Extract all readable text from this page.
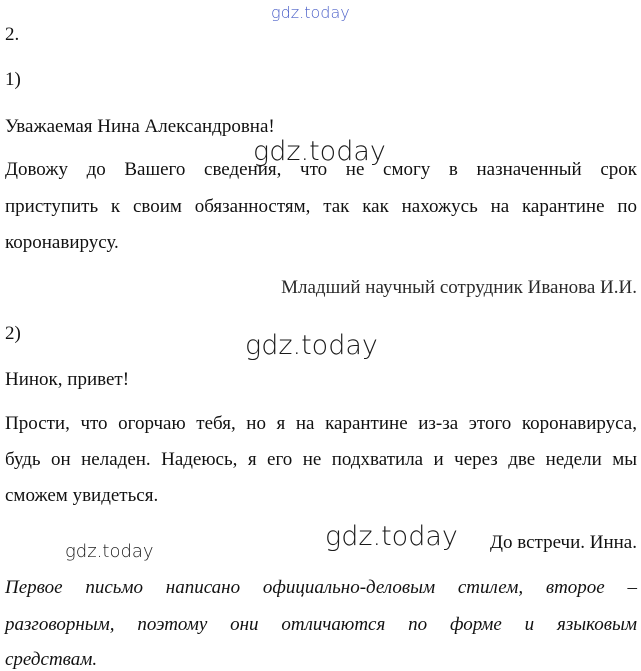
gdz.today
2.
1)
Уважаемая Нина Александровна!
Довожу до Вашего сведения, что не смогу в назначенный срок
приступить к своим обязанностям, так как нахожусь на карантине по
коронавирусу.
Младший научный сотрудник Иванова И.И.
2)
Нинок, привет!
Прости, что огорчаю тебя, но я на карантине из-за этого коронавируса,
будь он неладен. Надеюсь, я его не подхватила и через две недели мы
сможем увидеться.
До встречи. Инна.
Первое письмо написано официально-деловым стилем, второе –
разговорным, поэтому они отличаются по форме и языковым
средствам.
gdz.today
gdz.today
gdz.today
gdz.today
